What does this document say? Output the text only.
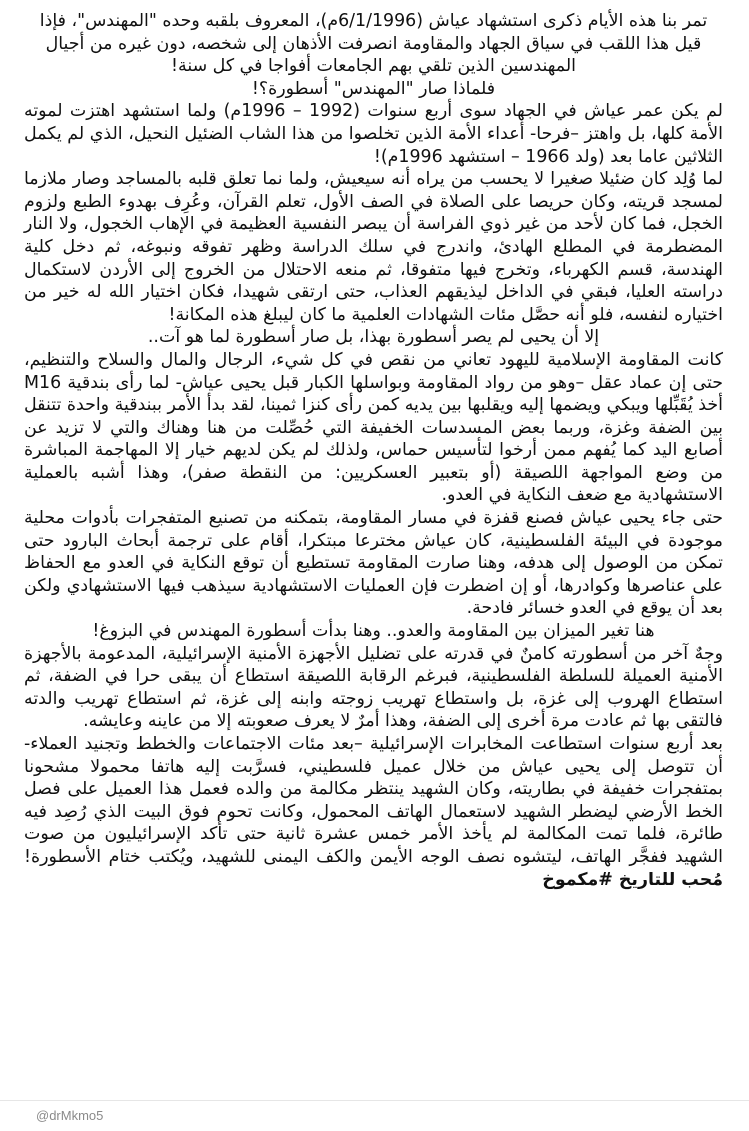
تمر بنا هذه الأيام ذكرى استشهاد عياش (6/1/1996م)، المعروف بلقبه وحده "المهندس"، فإذا قيل هذا اللقب في سياق الجهاد والمقاومة انصرفت الأذهان إلى شخصه، دون غيره من أجيال المهندسين الذين تلقي بهم الجامعات أفواجا في كل سنة!

فلماذا صار "المهندس" أسطورة؟!

لم يكن عمر عياش في الجهاد سوى أربع سنوات (1992 – 1996م) ولما استشهد اهتزت لموته الأمة كلها، بل واهتز –فرحا- أعداء الأمة الذين تخلصوا من هذا الشاب الضئيل النحيل، الذي لم يكمل الثلاثين عاما بعد (ولد 1966 – استشهد 1996م)!

لما وُلِد كان ضئيلا صغيرا لا يحسب من يراه أنه سيعيش، ولما نما تعلق قلبه بالمساجد وصار ملازما لمسجد قريته، وكان حريصا على الصلاة في الصف الأول، تعلم القرآن، وعُرِف بهدوء الطبع ولزوم الخجل، فما كان لأحد من غير ذوي الفراسة أن يبصر النفسية العظيمة في الإهاب الخجول، ولا النار المضطرمة في المطلع الهادئ، واندرج في سلك الدراسة وظهر تفوقه ونبوغه، ثم دخل كلية الهندسة، قسم الكهرباء، وتخرج فيها متفوقا، ثم منعه الاحتلال من الخروج إلى الأردن لاستكمال دراسته العليا، فبقي في الداخل ليذيقهم العذاب، حتى ارتقى شهيدا، فكان اختيار الله له خير من اختياره لنفسه، فلو أنه حصَّل مئات الشهادات العلمية ما كان ليبلغ هذه المكانة!

إلا أن يحيى لم يصر أسطورة بهذا، بل صار أسطورة لما هو آت..

كانت المقاومة الإسلامية لليهود تعاني من نقص في كل شيء، الرجال والمال والسلاح والتنظيم، حتى إن عماد عقل –وهو من رواد المقاومة وبواسلها الكبار قبل يحيى عياش- لما رأى بندقية M16 أخذ يُقَبِّلها ويبكي ويضمها إليه ويقلبها بين يديه كمن رأى كنزا ثمينا، لقد بدأ الأمر ببندقية واحدة تتنقل بين الضفة وغزة، وربما بعض المسدسات الخفيفة التي حُصِّلت من هنا وهناك والتي لا تزيد عن أصابع اليد كما يُفهم ممن أرخوا لتأسيس حماس، ولذلك لم يكن لديهم خيار إلا المهاجمة المباشرة من وضع المواجهة اللصيقة (أو بتعبير العسكريين: من النقطة صفر)، وهذا أشبه بالعملية الاستشهادية مع ضعف النكاية في العدو.

حتى جاء يحيى عياش فصنع قفزة في مسار المقاومة، بتمكنه من تصنيع المتفجرات بأدوات محلية موجودة في البيئة الفلسطينية، كان عياش مخترعا مبتكرا، أقام على ترجمة أبحاث البارود حتى تمكن من الوصول إلى هدفه، وهنا صارت المقاومة تستطيع أن توقع النكاية في العدو مع الحفاظ على عناصرها وكوادرها، أو إن اضطرت فإن العمليات الاستشهادية سيذهب فيها الاستشهادي ولكن بعد أن يوقع في العدو خسائر فادحة.

هنا تغير الميزان بين المقاومة والعدو.. وهنا بدأت أسطورة المهندس في البزوغ!

وجهٌ آخر من أسطورته كامنٌ في قدرته على تضليل الأجهزة الأمنية الإسرائيلية، المدعومة بالأجهزة الأمنية العميلة للسلطة الفلسطينية، فبرغم الرقابة اللصيقة استطاع أن يبقى حرا في الضفة، ثم استطاع الهروب إلى غزة، بل واستطاع تهريب زوجته وابنه إلى غزة، ثم استطاع تهريب والدته فالتقى بها ثم عادت مرة أخرى إلى الضفة، وهذا أمرٌ لا يعرف صعوبته إلا من عاينه وعايشه.

بعد أربع سنوات استطاعت المخابرات الإسرائيلية –بعد مئات الاجتماعات والخطط وتجنيد العملاء- أن تتوصل إلى يحيى عياش من خلال عميل فلسطيني، فسرَّبت إليه هاتفا محمولا مشحونا بمتفجرات خفيفة في بطاريته، وكان الشهيد ينتظر مكالمة من والده فعمل هذا العميل على فصل الخط الأرضي ليضطر الشهيد لاستعمال الهاتف المحمول، وكانت تحوم فوق البيت الذي رُصِد فيه طائرة، فلما تمت المكالمة لم يأخذ الأمر خمس عشرة ثانية حتى تأكد الإسرائيليون من صوت الشهيد ففجَّر الهاتف، ليتشوه نصف الوجه الأيمن والكف اليمنى للشهيد، ويُكتب ختام الأسطورة!مُحب للتاريخ #مكموخ

@drMkmo5
